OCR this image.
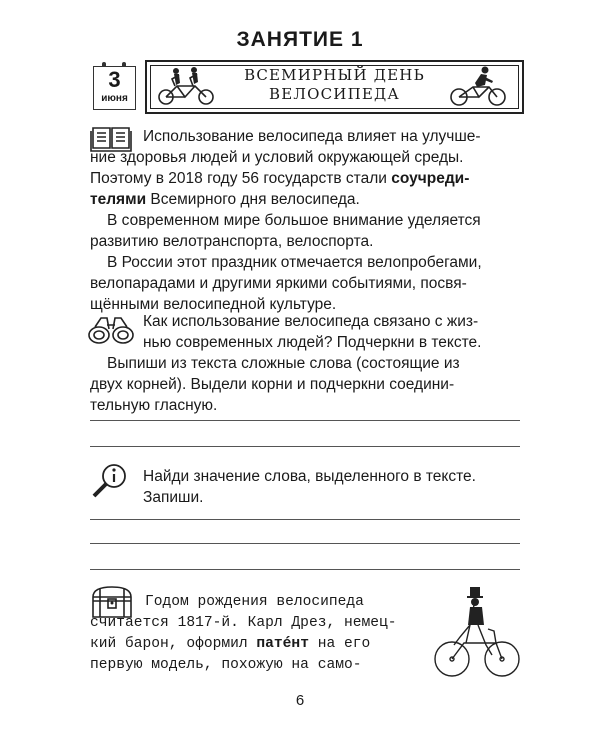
ЗАНЯТИЕ 1
3
июня
ВСЕМИРНЫЙ ДЕНЬ
ВЕЛОСИПЕДА
Использование велосипеда влияет на улучше-
ние здоровья людей и условий окружающей среды.
Поэтому в 2018 году 56 государств стали соучреди-
телями Всемирного дня велосипеда.
В современном мире большое внимание уделяется
развитию велотранспорта, велоспорта.
В России этот праздник отмечается велопробегами,
велопарадами и другими яркими событиями, посвя-
щёнными велосипедной культуре.
Как использование велосипеда связано с жиз-
нью современных людей? Подчеркни в тексте.
Выпиши из текста сложные слова (состоящие из
двух корней). Выдели корни и подчеркни соедини-
тельную гласную.
Найди значение слова, выделенного в тексте.
Запиши.
Годом рождения велосипеда
считается 1817-й. Карл Дрез, немец-
кий барон, оформил патéнт на его
первую модель, похожую на само-
6
